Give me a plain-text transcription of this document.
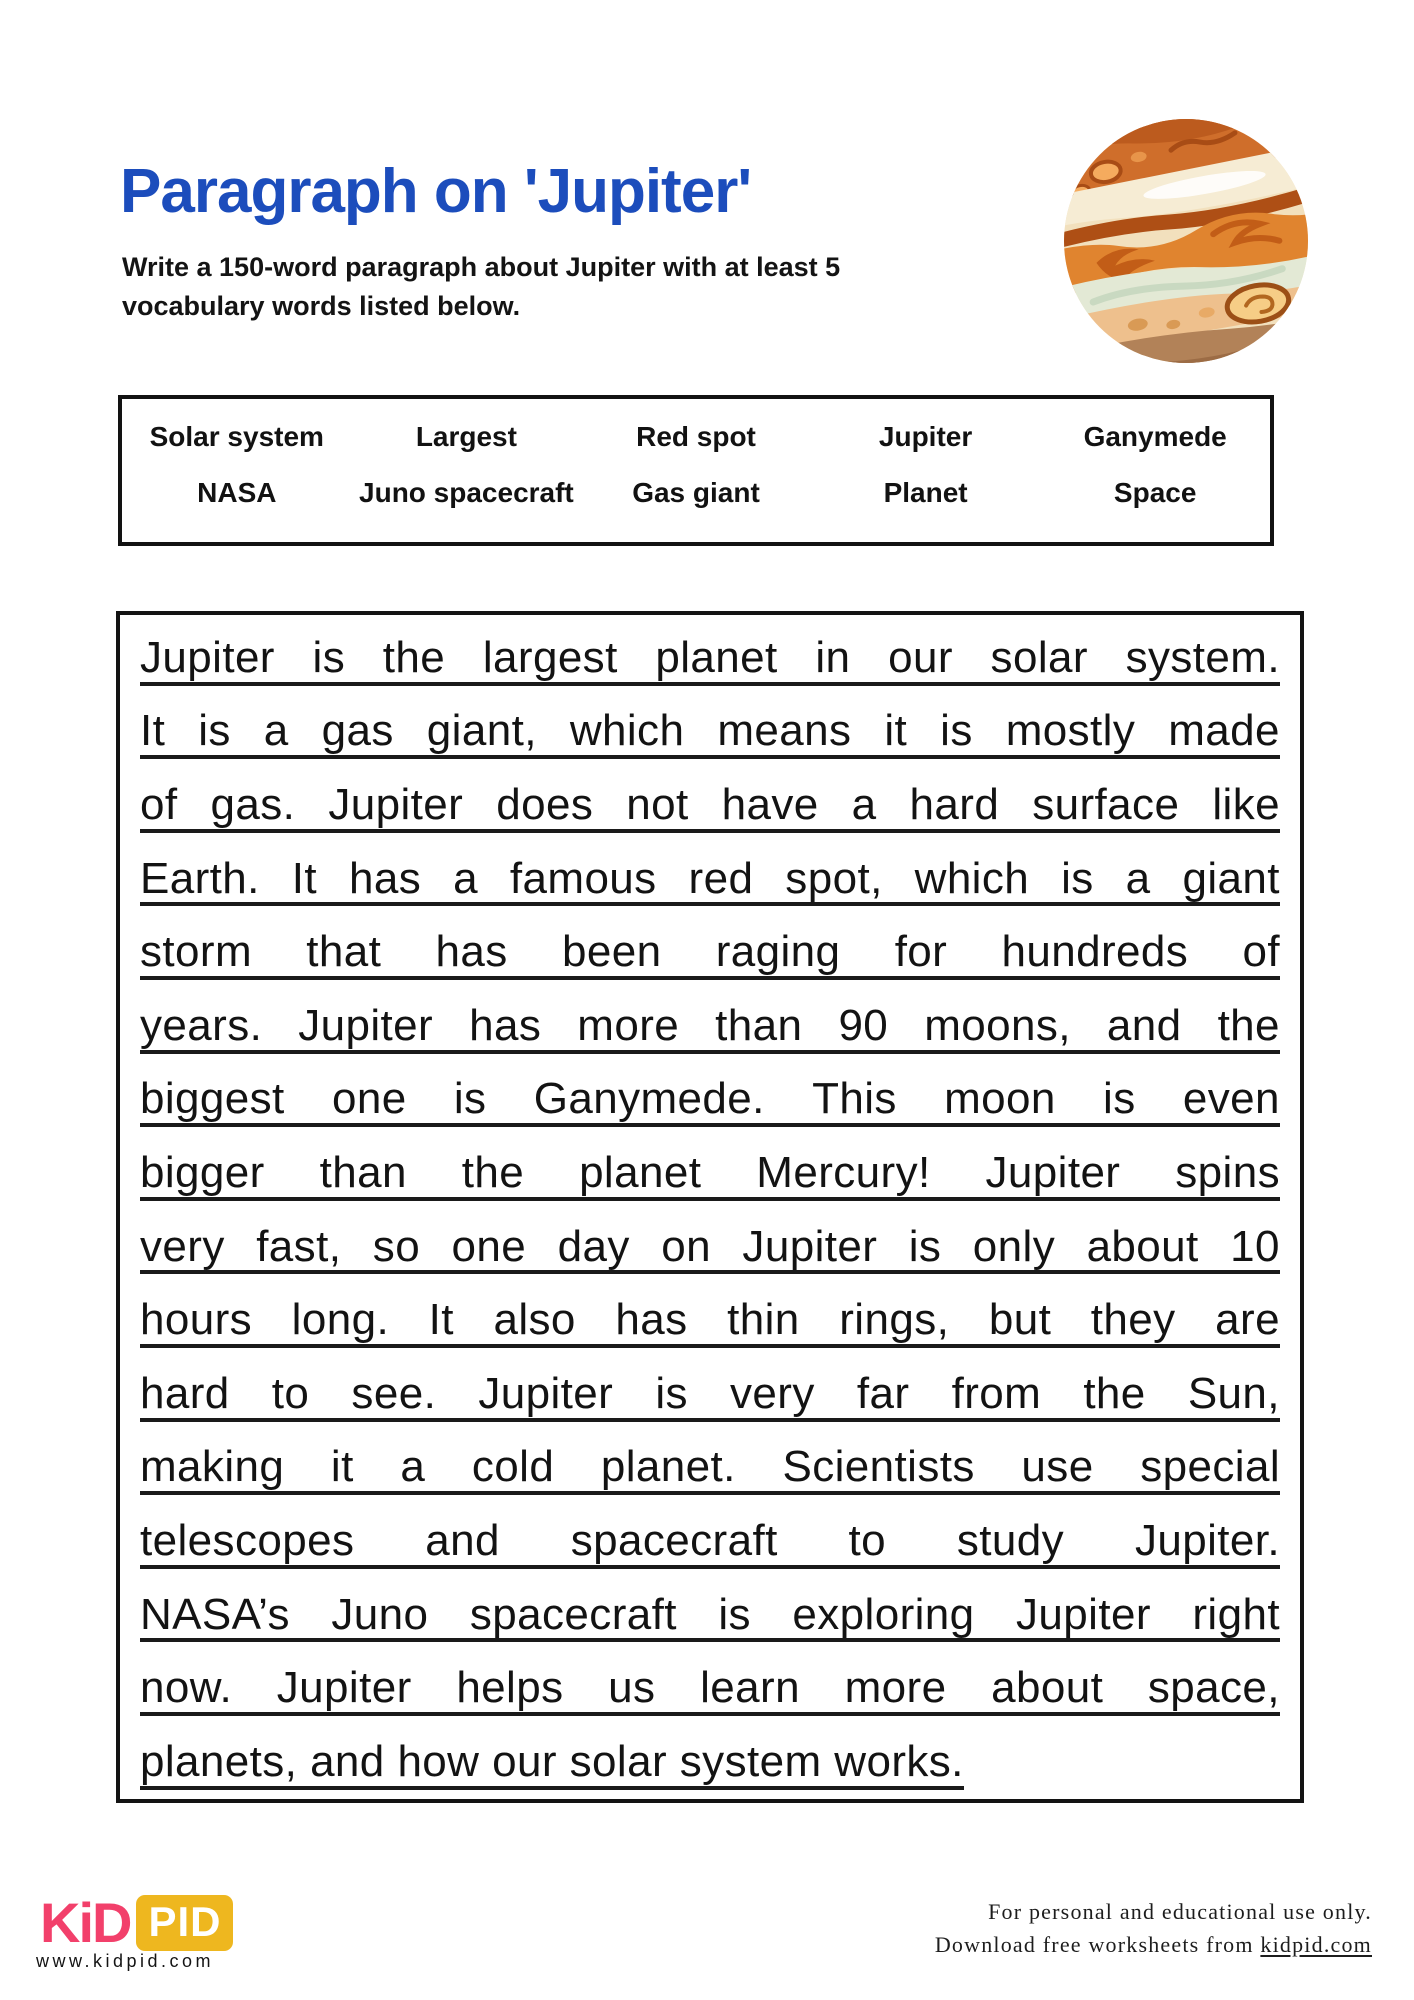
Paragraph on 'Jupiter'
Write a 150-word paragraph about Jupiter with at least 5
vocabulary words listed below.
Solar system	Largest	Red spot	Jupiter	Ganymede
NASA	Juno spacecraft	Gas giant	Planet	Space
Jupiter is the largest planet in our solar system.
It is a gas giant, which means it is mostly made
of gas. Jupiter does not have a hard surface like
Earth. It has a famous red spot, which is a giant
storm that has been raging for hundreds of
years. Jupiter has more than 90 moons, and the
biggest one is Ganymede. This moon is even
bigger than the planet Mercury! Jupiter spins
very fast, so one day on Jupiter is only about 10
hours long. It also has thin rings, but they are
hard to see. Jupiter is very far from the Sun,
making it a cold planet. Scientists use special
telescopes and spacecraft to study Jupiter.
NASA’s Juno spacecraft is exploring Jupiter right
now. Jupiter helps us learn more about space,
planets, and how our solar system works.
KiD PID
www.kidpid.com
For personal and educational use only.
Download free worksheets from kidpid.com
